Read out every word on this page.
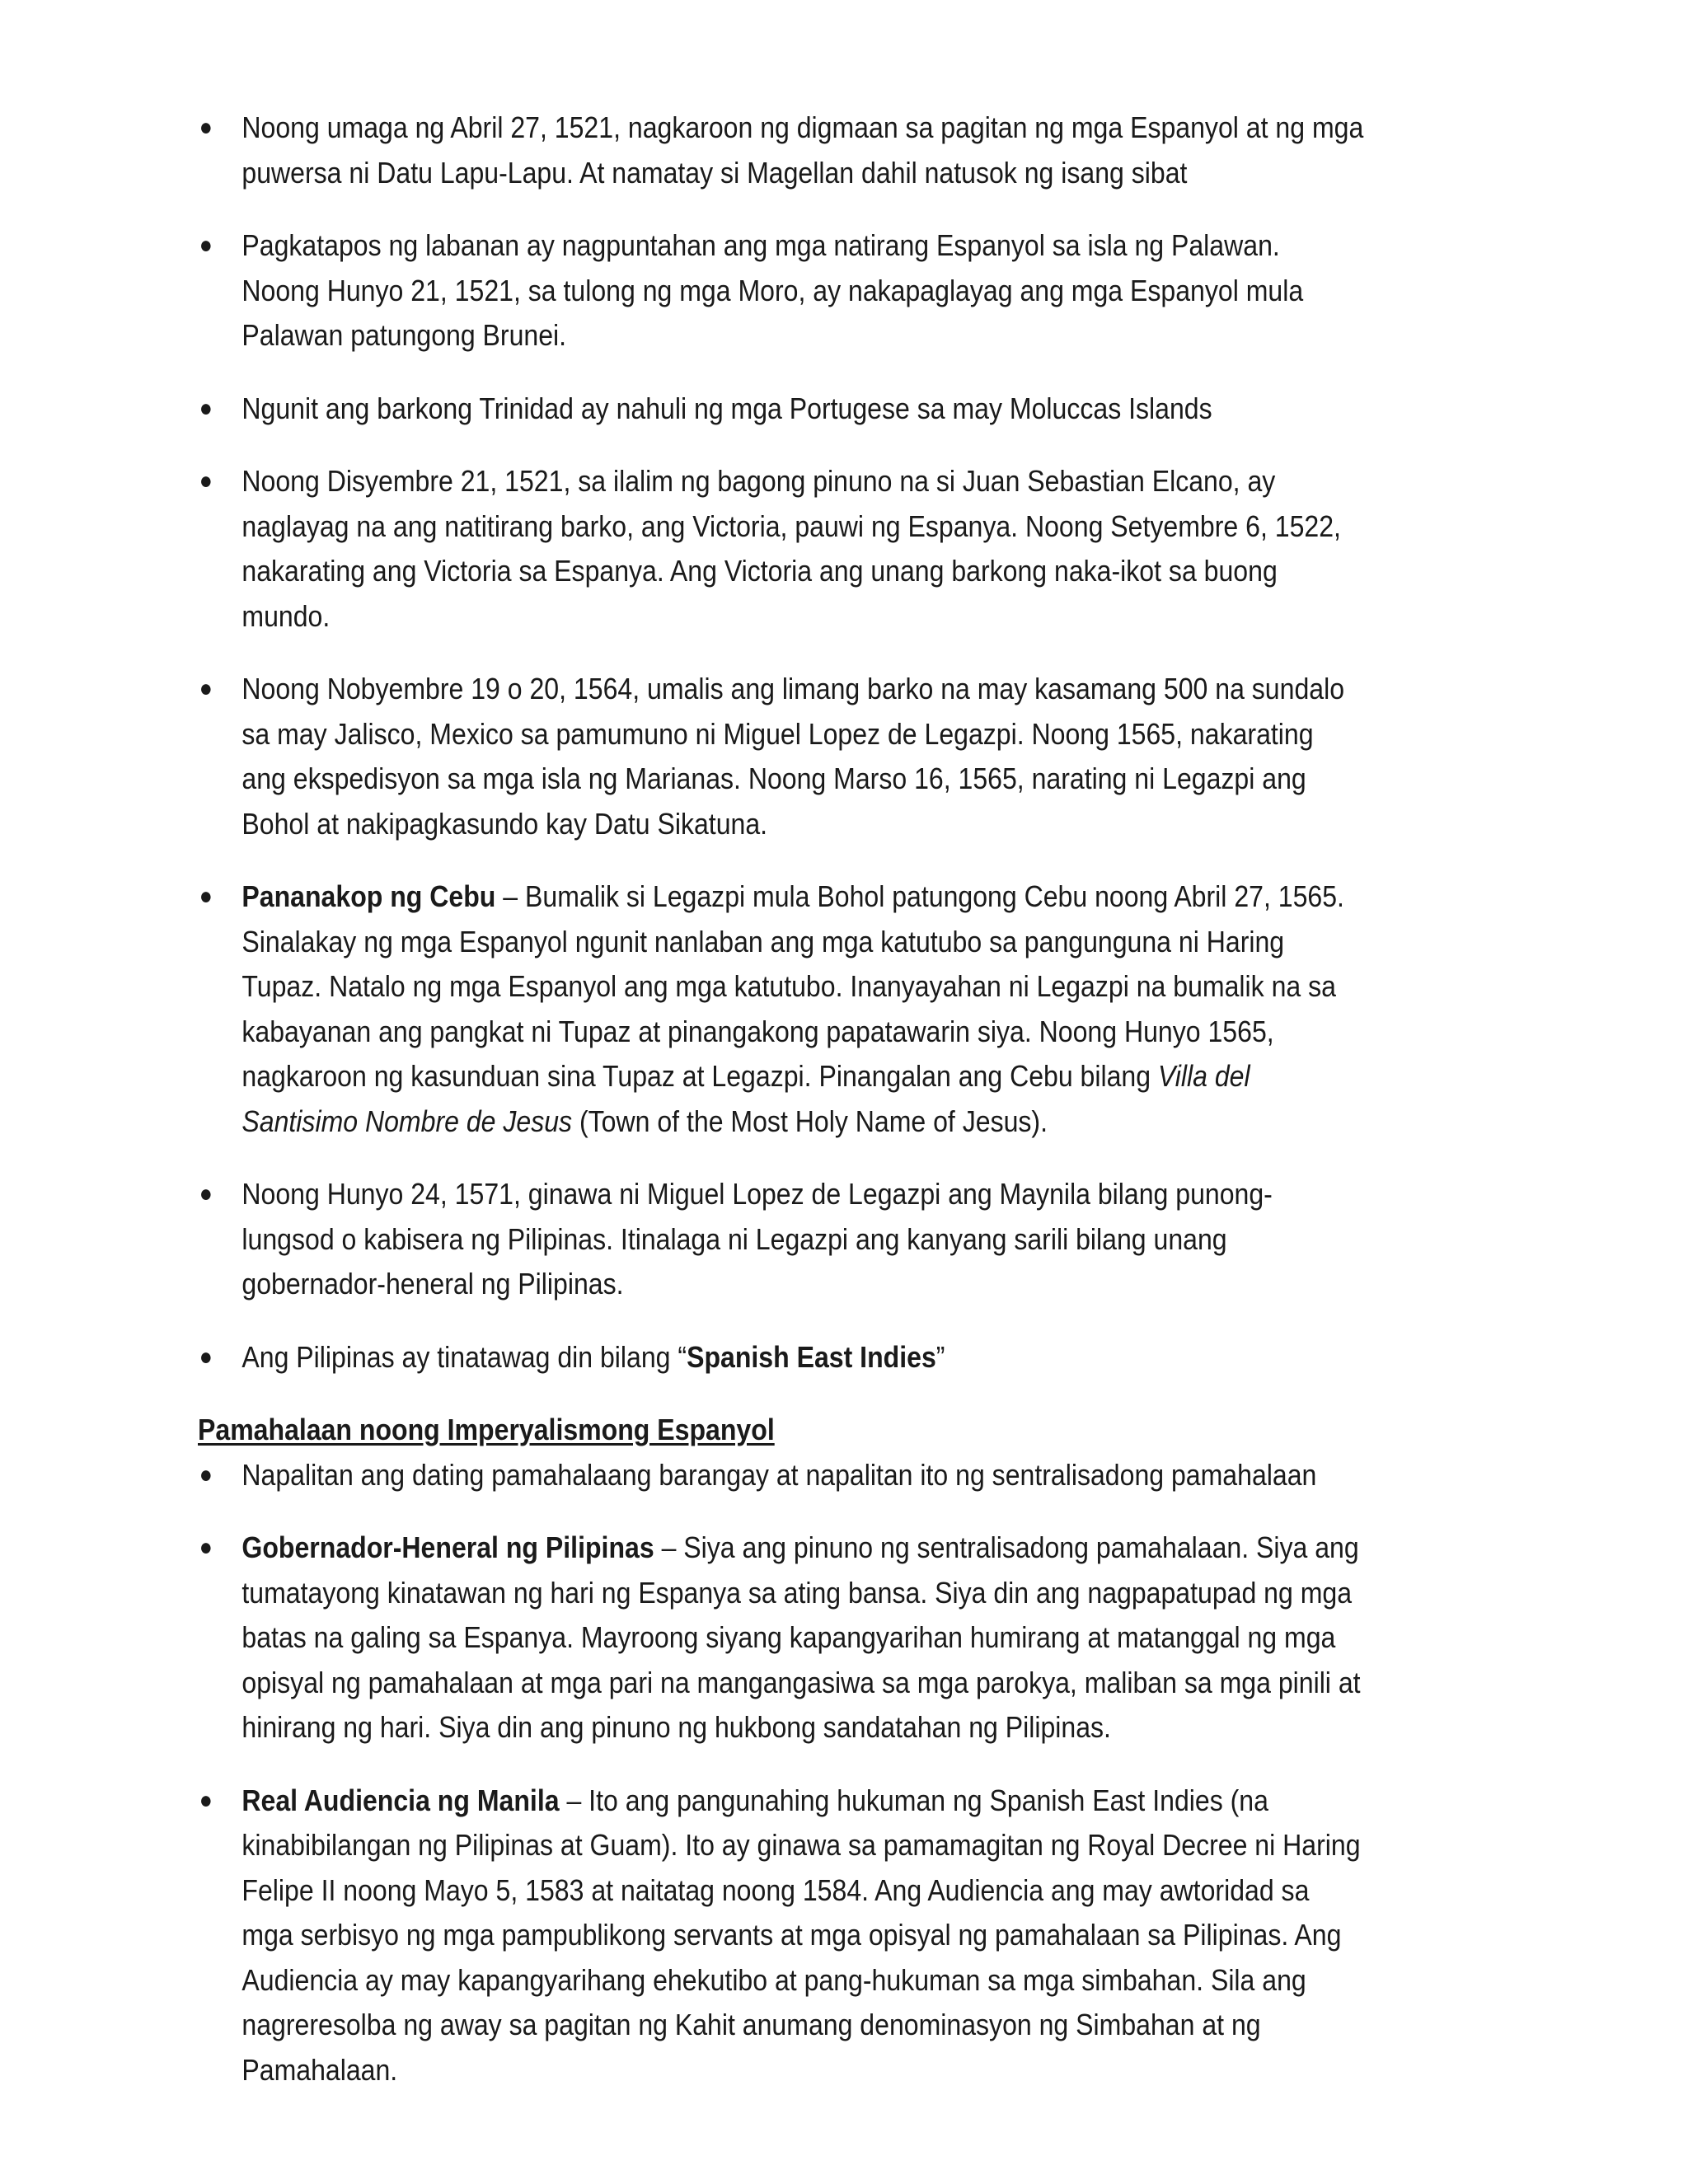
● Noong umaga ng Abril 27, 1521, nagkaroon ng digmaan sa pagitan ng mga Espanyol at ng mga puwersa ni Datu Lapu-Lapu. At namatay si Magellan dahil natusok ng isang sibat
● Pagkatapos ng labanan ay nagpuntahan ang mga natirang Espanyol sa isla ng Palawan. Noong Hunyo 21, 1521, sa tulong ng mga Moro, ay nakapaglayag ang mga Espanyol mula Palawan patungong Brunei.
● Ngunit ang barkong Trinidad ay nahuli ng mga Portugese sa may Moluccas Islands
● Noong Disyembre 21, 1521, sa ilalim ng bagong pinuno na si Juan Sebastian Elcano, ay naglayag na ang natitirang barko, ang Victoria, pauwi ng Espanya. Noong Setyembre 6, 1522, nakarating ang Victoria sa Espanya. Ang Victoria ang unang barkong naka-ikot sa buong mundo.
● Noong Nobyembre 19 o 20, 1564, umalis ang limang barko na may kasamang 500 na sundalo sa may Jalisco, Mexico sa pamumuno ni Miguel Lopez de Legazpi. Noong 1565, nakarating ang ekspedisyon sa mga isla ng Marianas. Noong Marso 16, 1565, narating ni Legazpi ang Bohol at nakipagkasundo kay Datu Sikatuna.
● Pananakop ng Cebu – Bumalik si Legazpi mula Bohol patungong Cebu noong Abril 27, 1565. Sinalakay ng mga Espanyol ngunit nanlaban ang mga katutubo sa pangunguna ni Haring Tupaz. Natalo ng mga Espanyol ang mga katutubo. Inanyayahan ni Legazpi na bumalik na sa kabayanan ang pangkat ni Tupaz at pinangakong papatawarin siya. Noong Hunyo 1565, nagkaroon ng kasunduan sina Tupaz at Legazpi. Pinangalan ang Cebu bilang Villa del Santisimo Nombre de Jesus (Town of the Most Holy Name of Jesus).
● Noong Hunyo 24, 1571, ginawa ni Miguel Lopez de Legazpi ang Maynila bilang punong-lungsod o kabisera ng Pilipinas. Itinalaga ni Legazpi ang kanyang sarili bilang unang gobernador-heneral ng Pilipinas.
● Ang Pilipinas ay tinatawag din bilang “Spanish East Indies”

Pamahalaan noong Imperyalismong Espanyol

● Napalitan ang dating pamahalaang barangay at napalitan ito ng sentralisadong pamahalaan
● Gobernador-Heneral ng Pilipinas – Siya ang pinuno ng sentralisadong pamahalaan. Siya ang tumatayong kinatawan ng hari ng Espanya sa ating bansa. Siya din ang nagpapatupad ng mga batas na galing sa Espanya. Mayroong siyang kapangyarihan humirang at matanggal ng mga opisyal ng pamahalaan at mga pari na mangangasiwa sa mga parokya, maliban sa mga pinili at hinirang ng hari. Siya din ang pinuno ng hukbong sandatahan ng Pilipinas.
● Real Audiencia ng Manila – Ito ang pangunahing hukuman ng Spanish East Indies (na kinabibilangan ng Pilipinas at Guam). Ito ay ginawa sa pamamagitan ng Royal Decree ni Haring Felipe II noong Mayo 5, 1583 at naitatag noong 1584. Ang Audiencia ang may awtoridad sa mga serbisyo ng mga pampublikong servants at mga opisyal ng pamahalaan sa Pilipinas. Ang Audiencia ay may kapangyarihang ehekutibo at pang-hukuman sa mga simbahan. Sila ang nagreresolba ng away sa pagitan ng Kahit anumang denominasyon ng Simbahan at ng Pamahalaan.
